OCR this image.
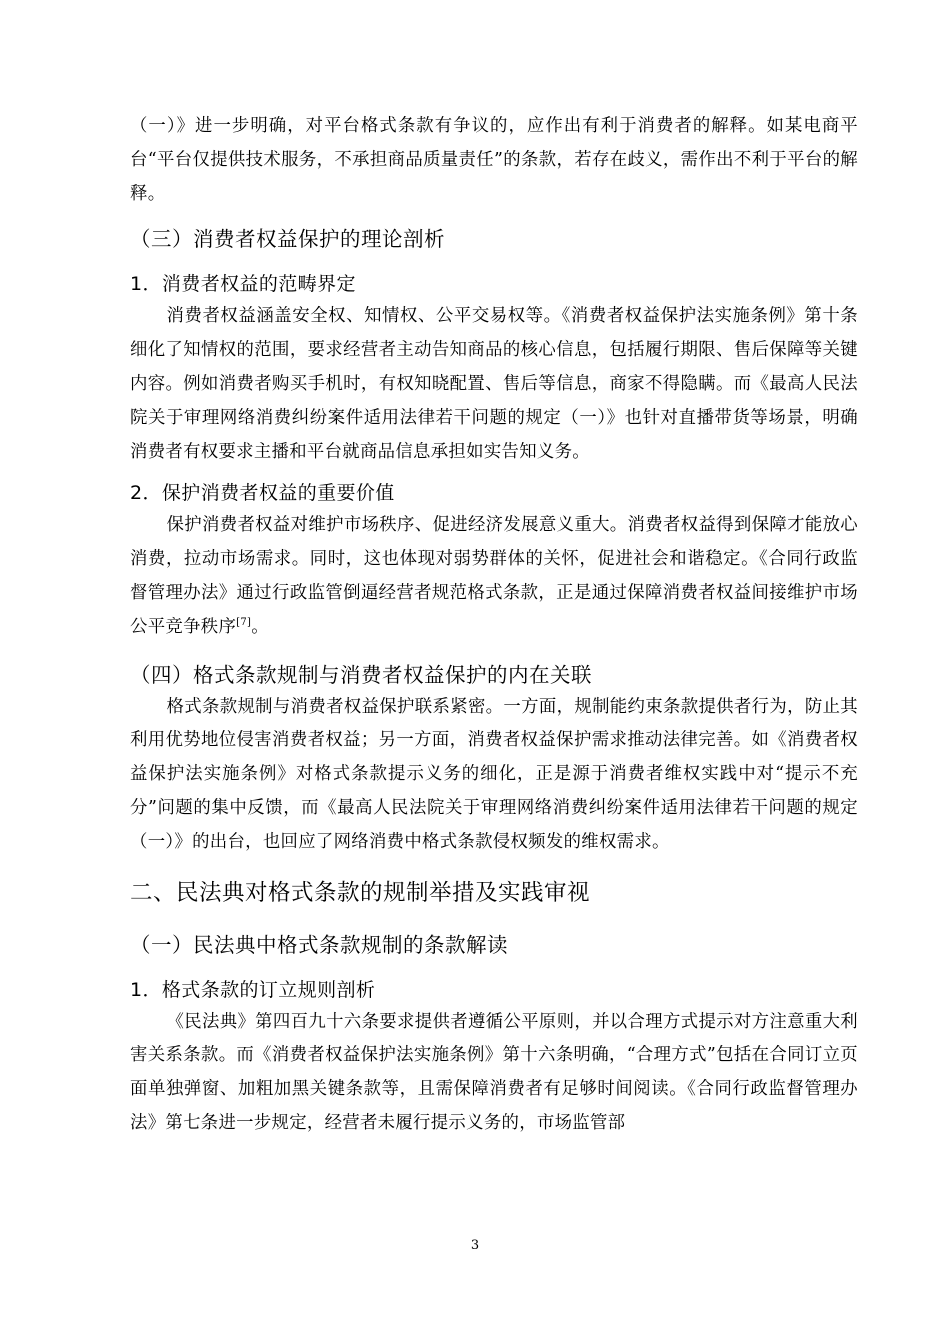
（一）》进一步明确，对平台格式条款有争议的，应作出有利于消费者的解释。如某电商平台“平台仅提供技术服务，不承担商品质量责任”的条款，若存在歧义，需作出不利于平台的解释。

（三）消费者权益保护的理论剖析

1．消费者权益的范畴界定

消费者权益涵盖安全权、知情权、公平交易权等。《消费者权益保护法实施条例》第十条细化了知情权的范围，要求经营者主动告知商品的核心信息，包括履行期限、售后保障等关键内容。例如消费者购买手机时，有权知晓配置、售后等信息，商家不得隐瞒。而《最高人民法院关于审理网络消费纠纷案件适用法律若干问题的规定（一）》也针对直播带货等场景，明确消费者有权要求主播和平台就商品信息承担如实告知义务。

2．保护消费者权益的重要价值

保护消费者权益对维护市场秩序、促进经济发展意义重大。消费者权益得到保障才能放心消费，拉动市场需求。同时，这也体现对弱势群体的关怀，促进社会和谐稳定。《合同行政监督管理办法》通过行政监管倒逼经营者规范格式条款，正是通过保障消费者权益间接维护市场公平竞争秩序[7]。

（四）格式条款规制与消费者权益保护的内在关联

格式条款规制与消费者权益保护联系紧密。一方面，规制能约束条款提供者行为，防止其利用优势地位侵害消费者权益；另一方面，消费者权益保护需求推动法律完善。如《消费者权益保护法实施条例》对格式条款提示义务的细化，正是源于消费者维权实践中对“提示不充分”问题的集中反馈，而《最高人民法院关于审理网络消费纠纷案件适用法律若干问题的规定（一）》的出台，也回应了网络消费中格式条款侵权频发的维权需求。

二、民法典对格式条款的规制举措及实践审视

（一）民法典中格式条款规制的条款解读

1．格式条款的订立规则剖析

《民法典》第四百九十六条要求提供者遵循公平原则，并以合理方式提示对方注意重大利害关系条款。而《消费者权益保护法实施条例》第十六条明确，“合理方式”包括在合同订立页面单独弹窗、加粗加黑关键条款等，且需保障消费者有足够时间阅读。《合同行政监督管理办法》第七条进一步规定，经营者未履行提示义务的，市场监管部

3
